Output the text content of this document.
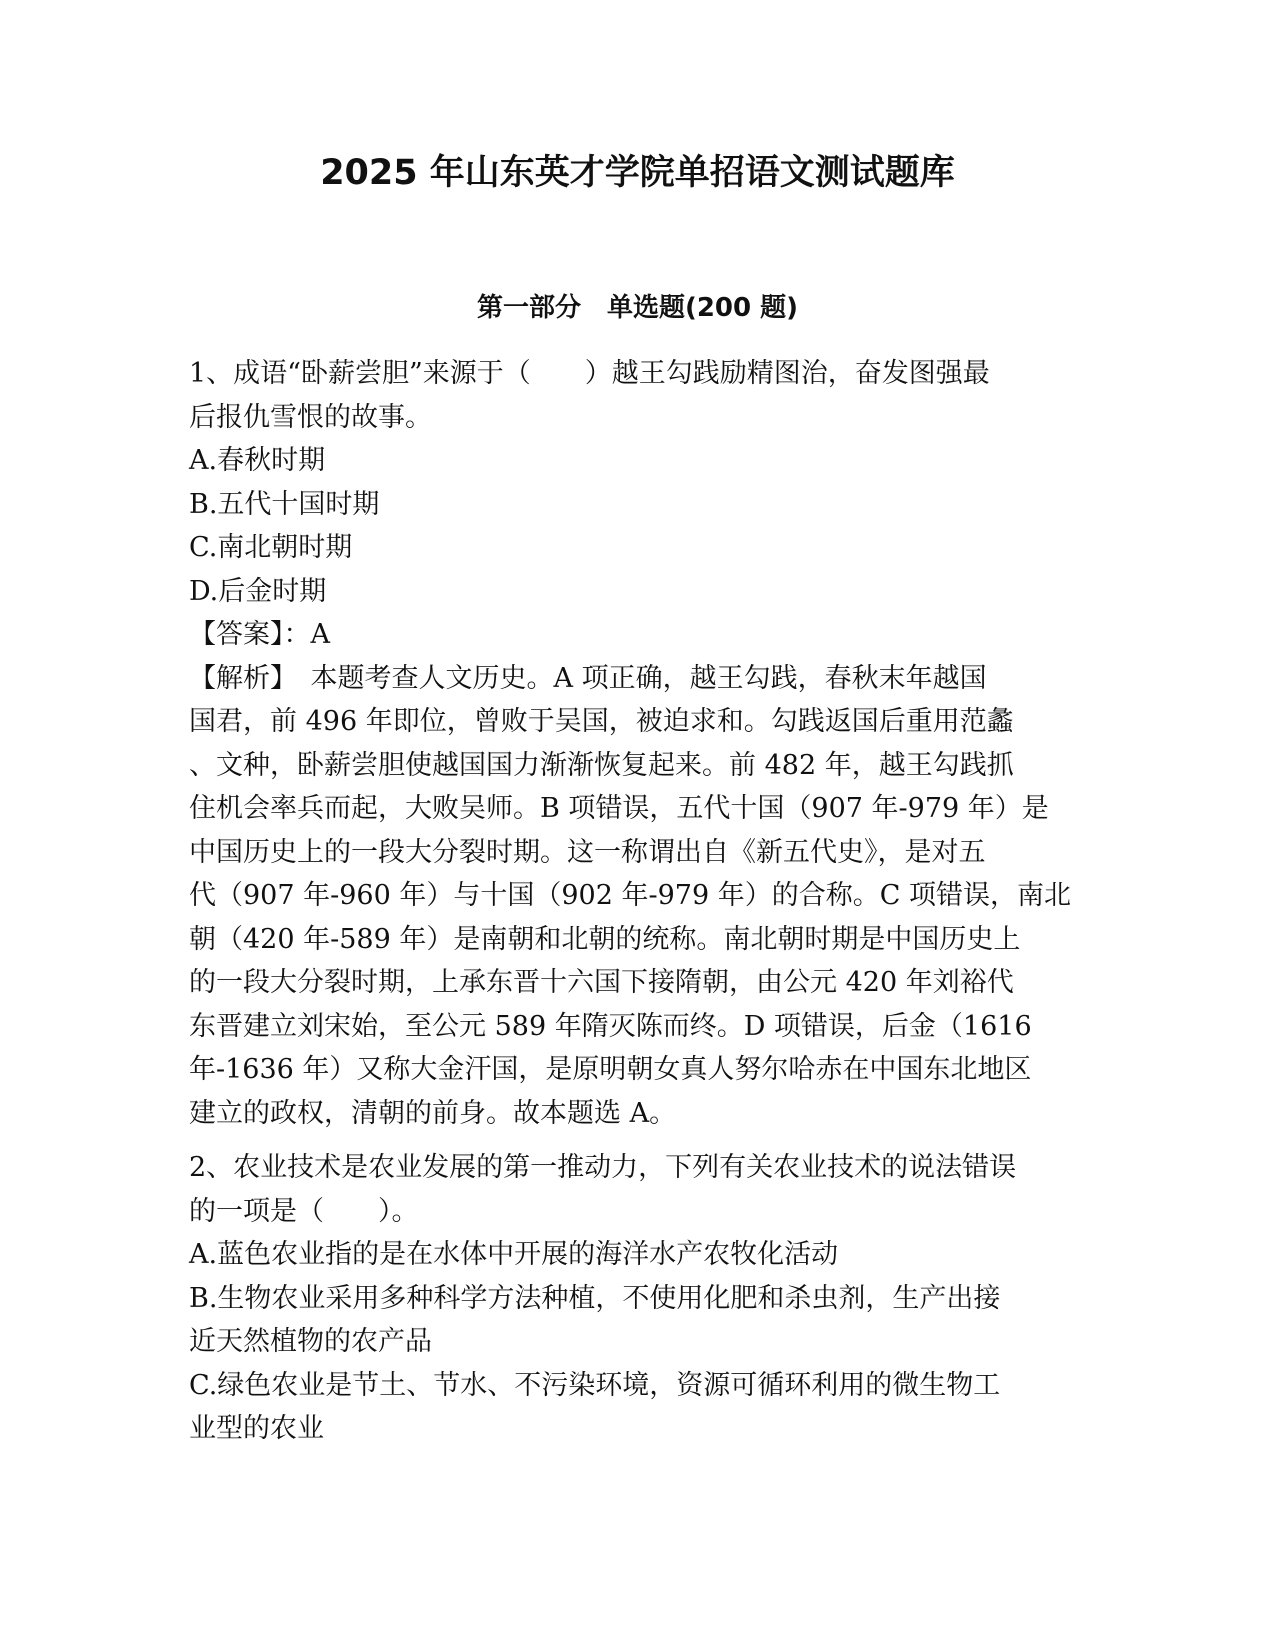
2025 年山东英才学院单招语文测试题库
第一部分　单选题(200 题)
1、成语“卧薪尝胆”来源于（　　）越王勾践励精图治，奋发图强最
后报仇雪恨的故事。
A.春秋时期
B.五代十国时期
C.南北朝时期
D.后金时期
【答案】：A
【解析】　本题考查人文历史。A 项正确，越王勾践，春秋末年越国
国君，前 496 年即位，曾败于吴国，被迫求和。勾践返国后重用范蠡
、文种，卧薪尝胆使越国国力渐渐恢复起来。前 482 年，越王勾践抓
住机会率兵而起，大败吴师。B 项错误，五代十国（907 年-979 年）是
中国历史上的一段大分裂时期。这一称谓出自《新五代史》，是对五
代（907 年-960 年）与十国（902 年-979 年）的合称。C 项错误，南北
朝（420 年-589 年）是南朝和北朝的统称。南北朝时期是中国历史上
的一段大分裂时期，上承东晋十六国下接隋朝，由公元 420 年刘裕代
东晋建立刘宋始，至公元 589 年隋灭陈而终。D 项错误，后金（1616
年-1636 年）又称大金汗国，是原明朝女真人努尔哈赤在中国东北地区
建立的政权，清朝的前身。故本题选 A。
2、农业技术是农业发展的第一推动力，下列有关农业技术的说法错误
的一项是（　　）。
A.蓝色农业指的是在水体中开展的海洋水产农牧化活动
B.生物农业采用多种科学方法种植，不使用化肥和杀虫剂，生产出接
近天然植物的农产品
C.绿色农业是节土、节水、不污染环境，资源可循环利用的微生物工
业型的农业
